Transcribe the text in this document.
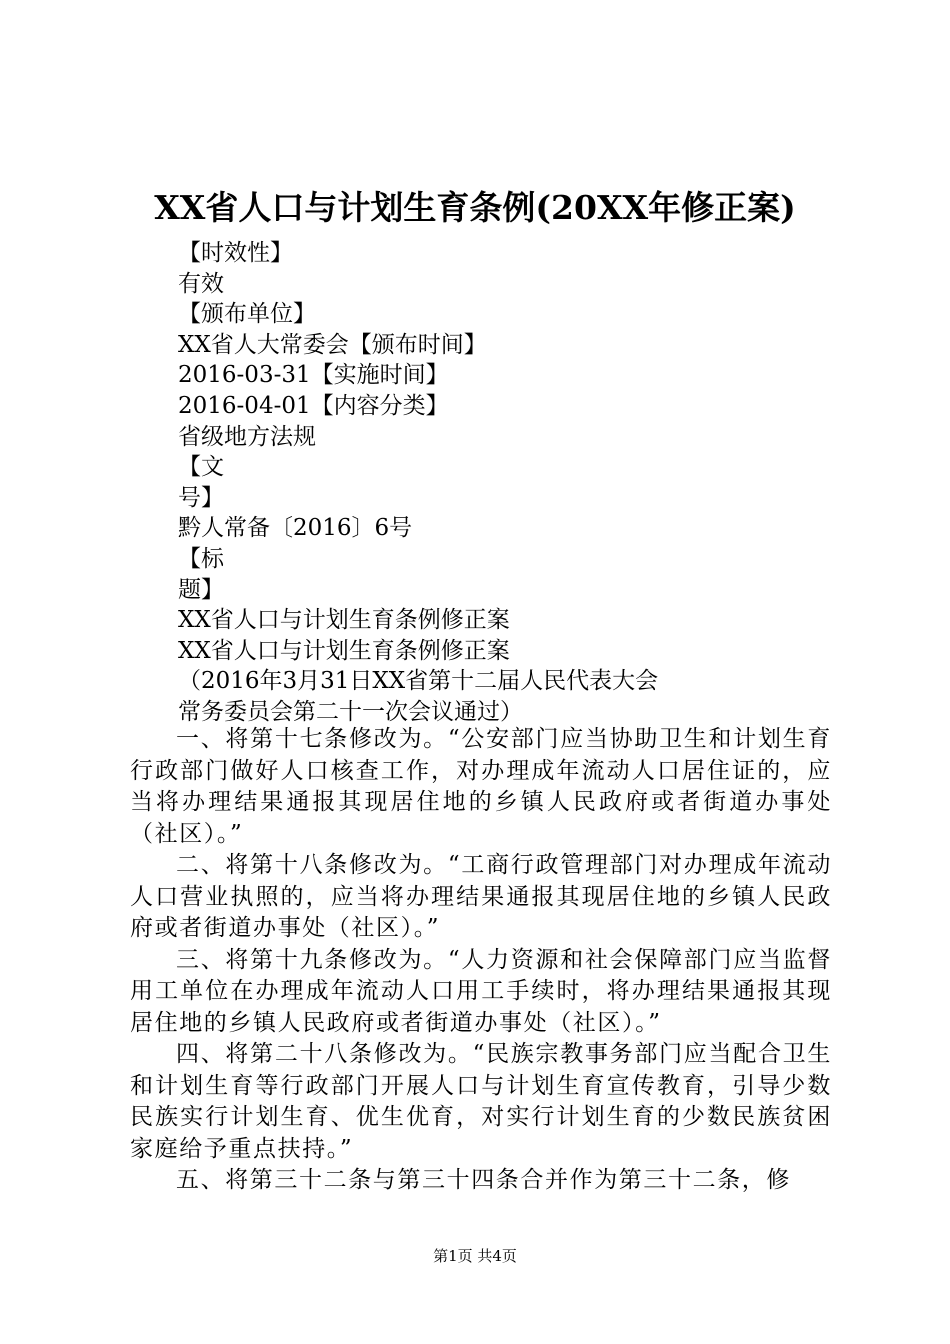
XX省人口与计划生育条例(20XX年修正案)
【时效性】
有效
【颁布单位】
XX省人大常委会【颁布时间】
2016-03-31【实施时间】
2016-04-01【内容分类】
省级地方法规
【文
号】
黔人常备〔2016〕6号
【标
题】
XX省人口与计划生育条例修正案
XX省人口与计划生育条例修正案
（2016年3月31日XX省第十二届人民代表大会
常务委员会第二十一次会议通过）

一、将第十七条修改为。“公安部门应当协助卫生和计划生育行政部门做好人口核查工作，对办理成年流动人口居住证的，应当将办理结果通报其现居住地的乡镇人民政府或者街道办事处（社区）。”

二、将第十八条修改为。“工商行政管理部门对办理成年流动人口营业执照的，应当将办理结果通报其现居住地的乡镇人民政府或者街道办事处（社区）。”

三、将第十九条修改为。“人力资源和社会保障部门应当监督用工单位在办理成年流动人口用工手续时，将办理结果通报其现居住地的乡镇人民政府或者街道办事处（社区）。”

四、将第二十八条修改为。“民族宗教事务部门应当配合卫生和计划生育等行政部门开展人口与计划生育宣传教育，引导少数民族实行计划生育、优生优育，对实行计划生育的少数民族贫困家庭给予重点扶持。”

五、将第三十二条与第三十四条合并作为第三十二条，修

第1页 共4页
